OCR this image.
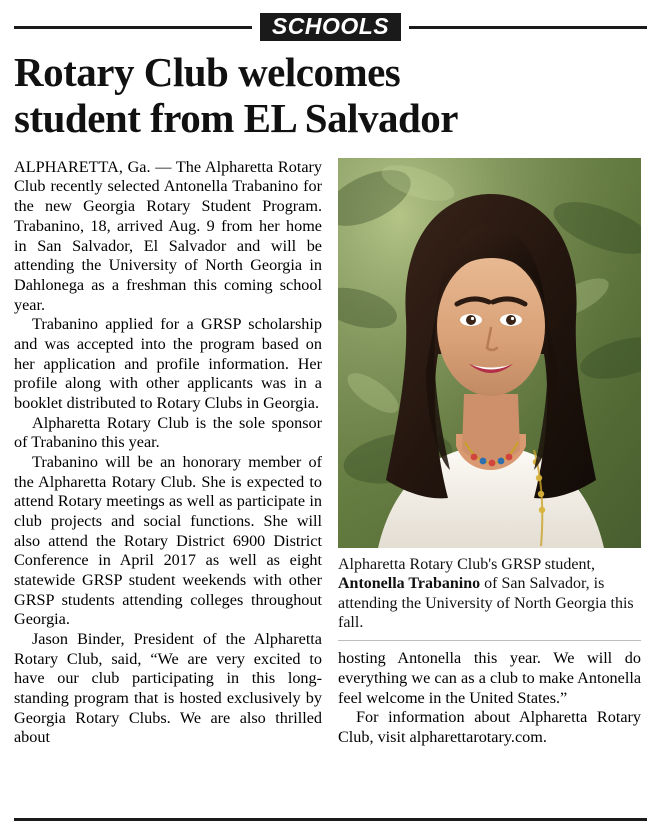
SCHOOLS
Rotary Club welcomes
student from EL Salvador

ALPHARETTA, Ga. — The Alpharetta Rotary Club recently selected Antonella Trabanino for the new Georgia Rotary Student Program. Trabanino, 18, arrived Aug. 9 from her home in San Salvador, El Salvador and will be attending the University of North Georgia in Dahlonega as a freshman this coming school year.

Trabanino applied for a GRSP scholarship and was accepted into the program based on her application and profile information. Her profile along with other applicants was in a booklet distributed to Rotary Clubs in Georgia.

Alpharetta Rotary Club is the sole sponsor of Trabanino this year.

Trabanino will be an honorary member of the Alpharetta Rotary Club. She is expected to attend Rotary meetings as well as participate in club projects and social functions. She will also attend the Rotary District 6900 District Conference in April 2017 as well as eight statewide GRSP student weekends with other GRSP students attending colleges throughout Georgia.

Jason Binder, President of the Alpharetta Rotary Club, said, “We are very excited to have our club participating in this long-standing program that is hosted exclusively by Georgia Rotary Clubs. We are also thrilled about

Alpharetta Rotary Club's GRSP student, Antonella Trabanino of San Salvador, is attending the University of North Georgia this fall.

hosting Antonella this year. We will do everything we can as a club to make Antonella feel welcome in the United States.”

For information about Alpharetta Rotary Club, visit alpharettarotary.com.
